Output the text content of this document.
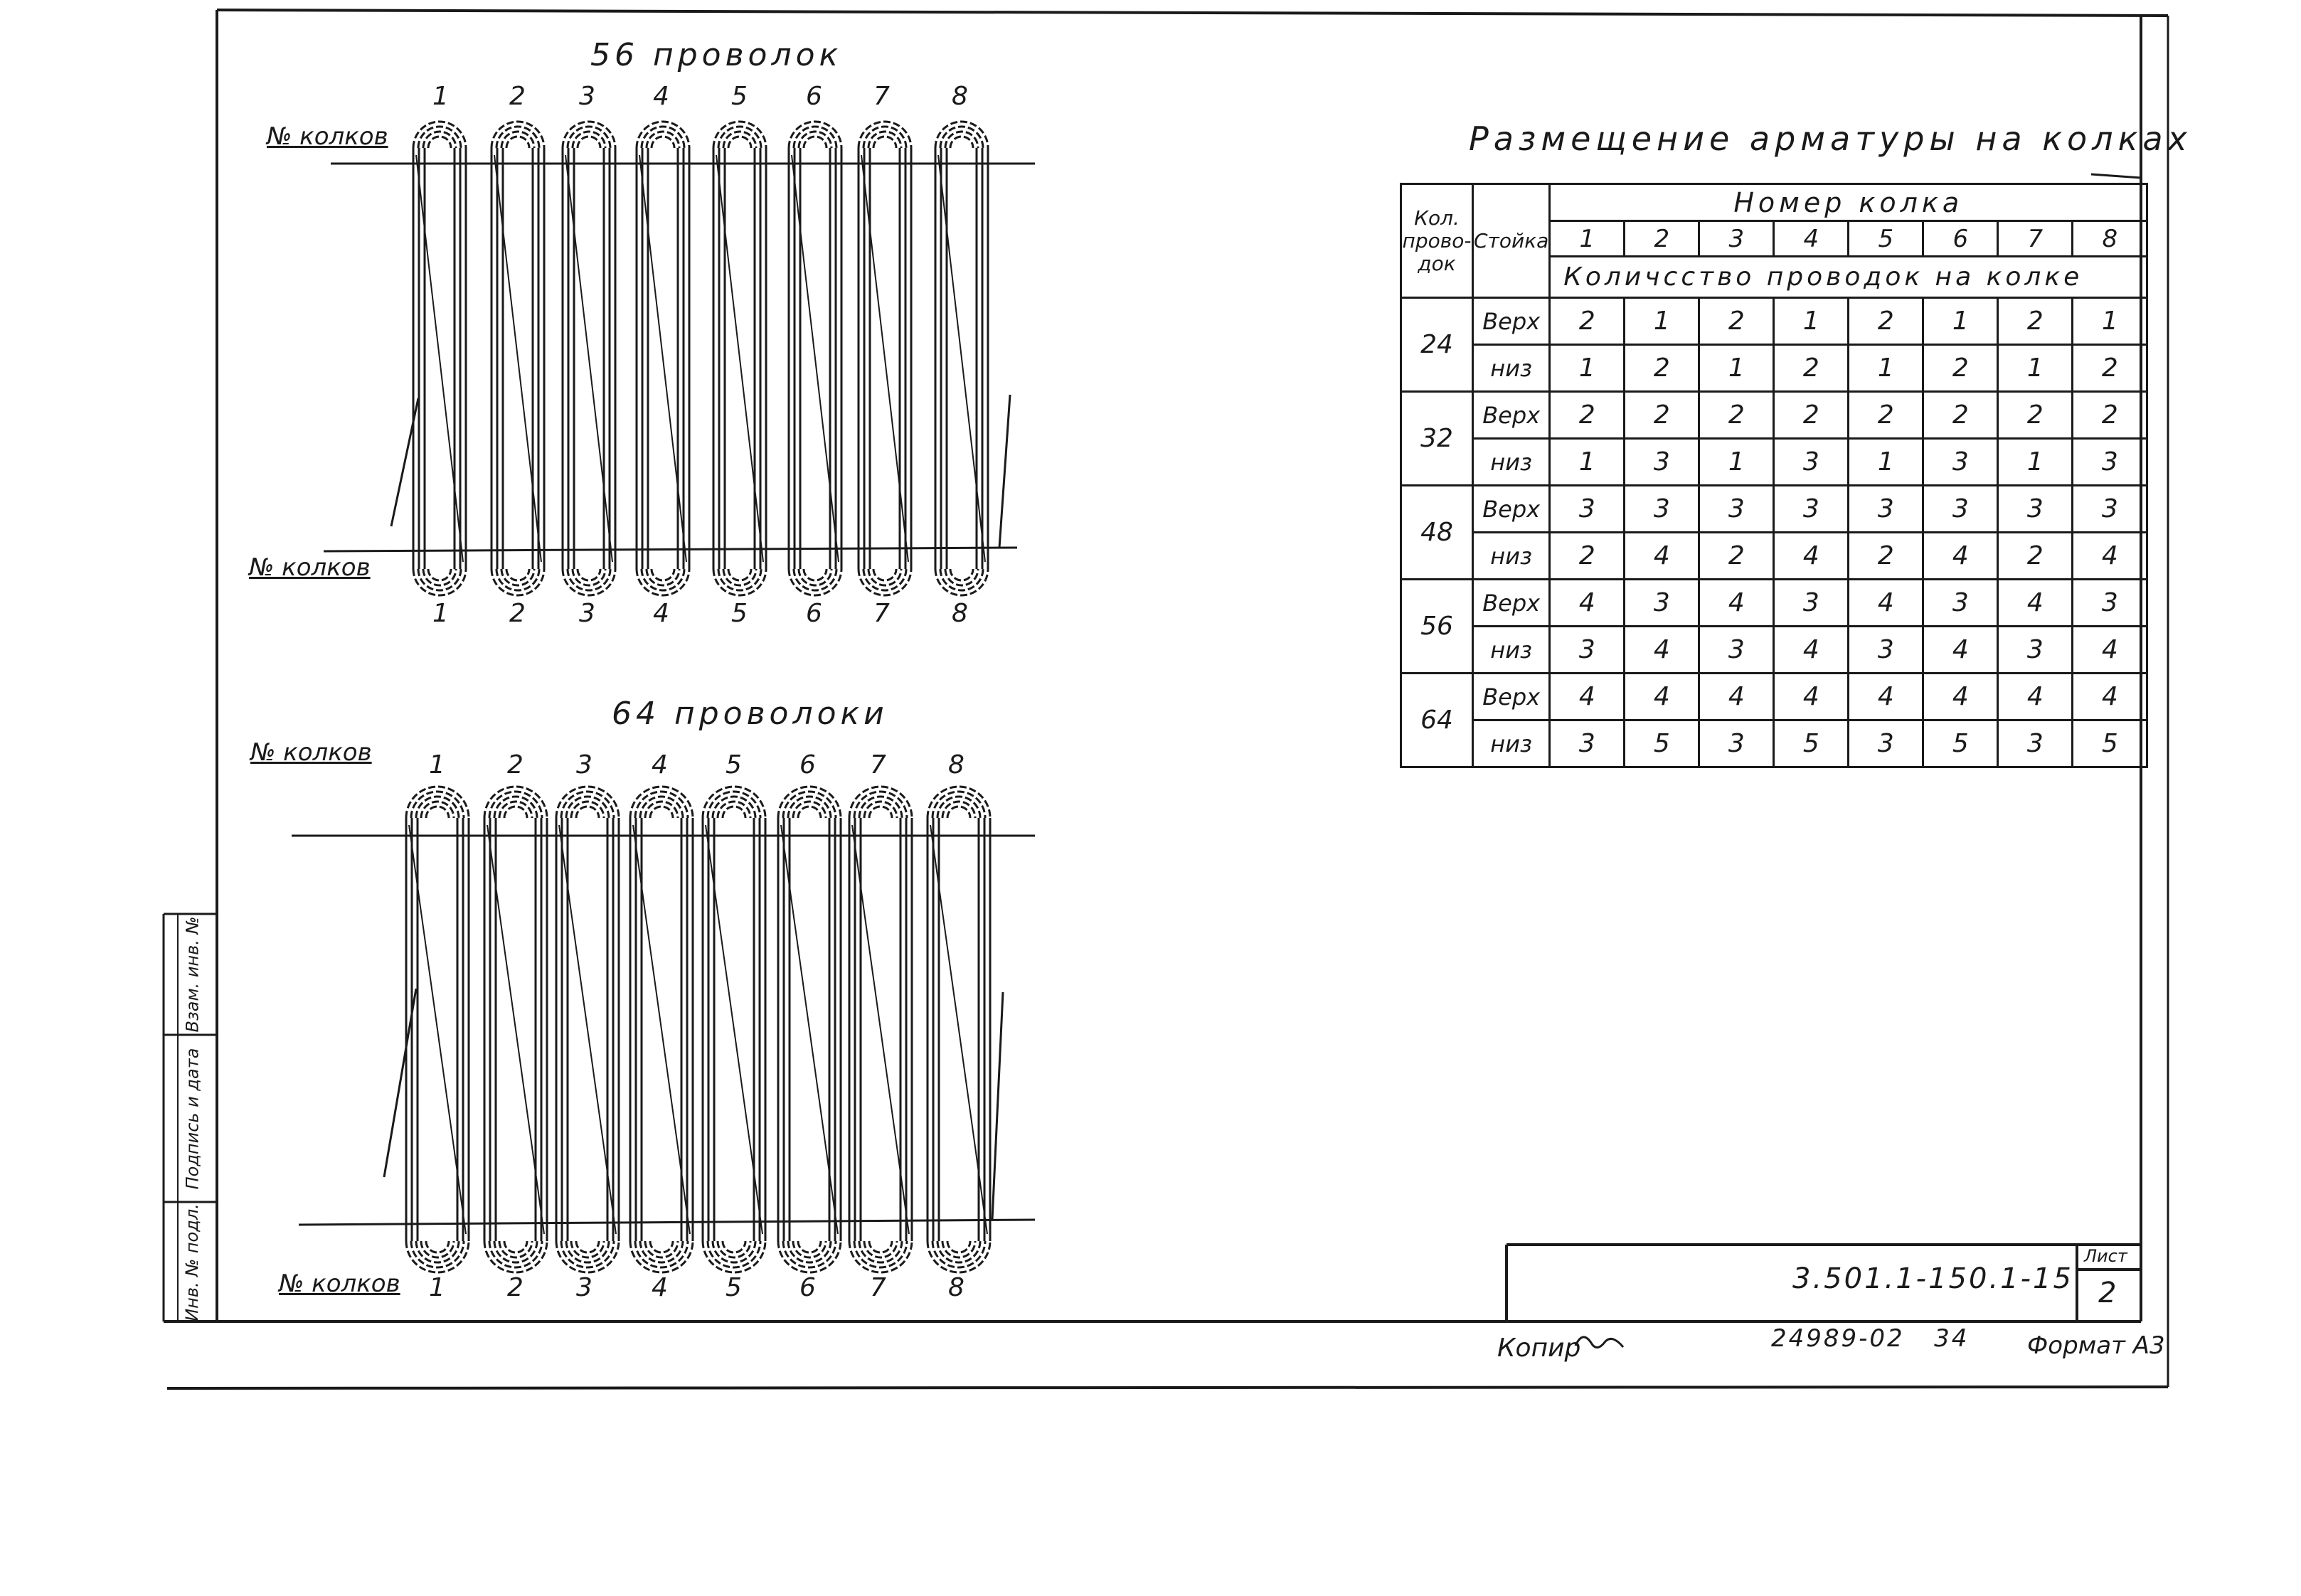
56 проволок
№ колков
№ колков
1 2 3 4 5 6 7 8
1 2 3 4 5 6 7 8
64 проволоки
№ колков
№ колков
1 2 3 4 5 6 7 8
1 2 3 4 5 6 7 8
Размещение арматуры на колках
Кол. прово- док	Стойка	Номер колка							
		1	2	3	4	5	6	7	8
		Количсство проводок на колке							
24	Верх	2	1	2	1	2	1	2	1
	низ	1	2	1	2	1	2	1	2
32	Верх	2	2	2	2	2	2	2	2
	низ	1	3	1	3	1	3	1	3
48	Верх	3	3	3	3	3	3	3	3
	низ	2	4	2	4	2	4	2	4
56	Верх	4	3	4	3	4	3	4	3
	низ	3	4	3	4	3	4	3	4
64	Верх	4	4	4	4	4	4	4	4
	низ	3	5	3	5	3	5	3	5
Инв. № подл.
Подпись и дата
Взам. инв. №
3.501.1-150.1-15
Лист
2
Копир	24989-02   34 Формат А3
